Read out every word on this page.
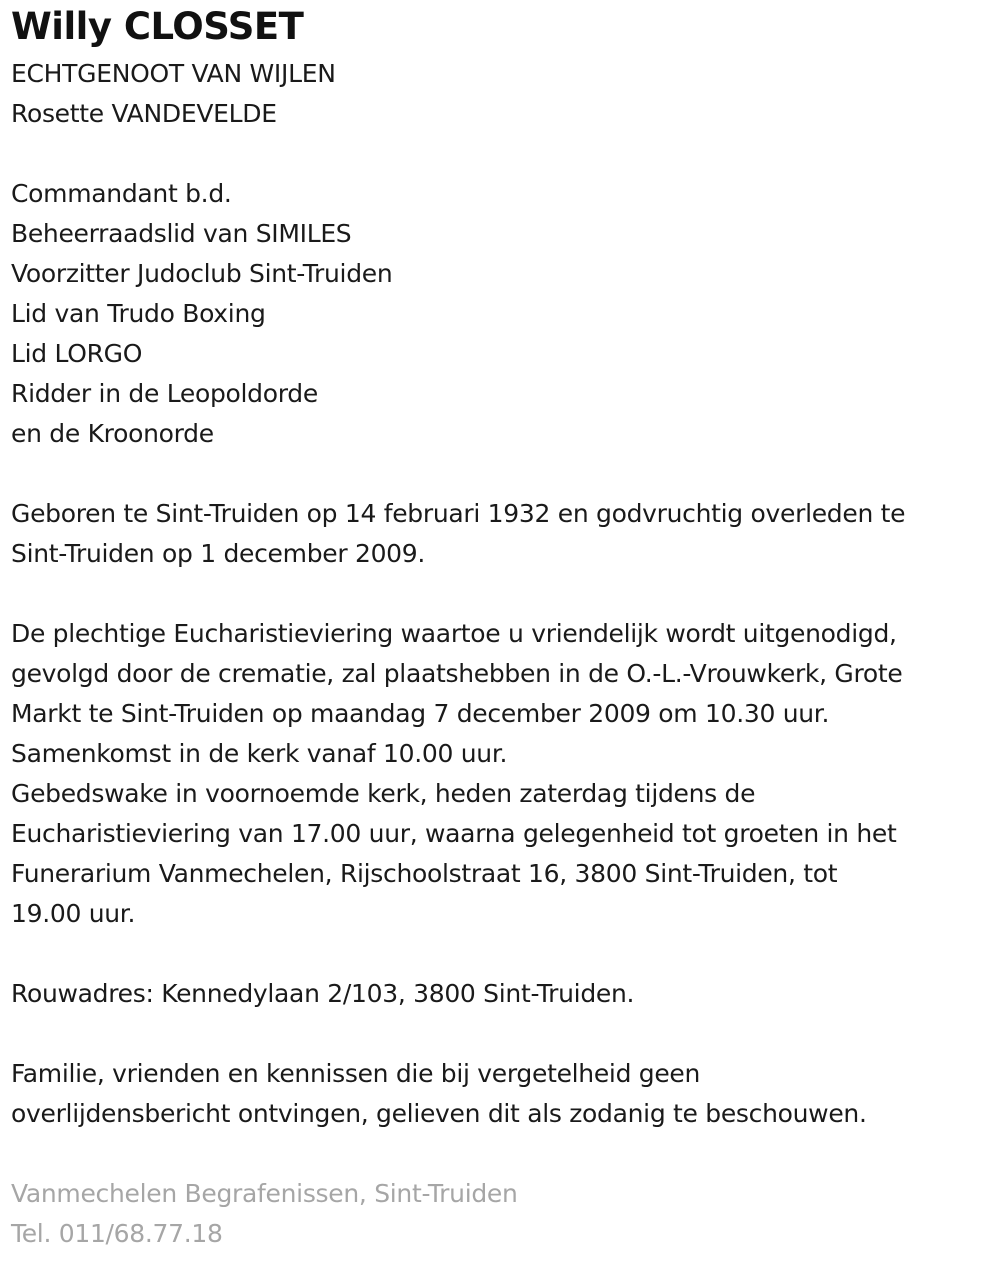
Willy CLOSSET
ECHTGENOOT VAN WIJLEN
Rosette VANDEVELDE
Commandant b.d.
Beheerraadslid van SIMILES
Voorzitter Judoclub Sint-Truiden
Lid van Trudo Boxing
Lid LORGO
Ridder in de Leopoldorde
en de Kroonorde
Geboren te Sint-Truiden op 14 februari 1932 en godvruchtig overleden te
Sint-Truiden op 1 december 2009.
De plechtige Eucharistieviering waartoe u vriendelijk wordt uitgenodigd,
gevolgd door de crematie, zal plaatshebben in de O.-L.-Vrouwkerk, Grote
Markt te Sint-Truiden op maandag 7 december 2009 om 10.30 uur.
Samenkomst in de kerk vanaf 10.00 uur.
Gebedswake in voornoemde kerk, heden zaterdag tijdens de
Eucharistieviering van 17.00 uur, waarna gelegenheid tot groeten in het
Funerarium Vanmechelen, Rijschoolstraat 16, 3800 Sint-Truiden, tot
19.00 uur.
Rouwadres: Kennedylaan 2/103, 3800 Sint-Truiden.
Familie, vrienden en kennissen die bij vergetelheid geen
overlijdensbericht ontvingen, gelieven dit als zodanig te beschouwen.
Vanmechelen Begrafenissen, Sint-Truiden
Tel. 011/68.77.18
